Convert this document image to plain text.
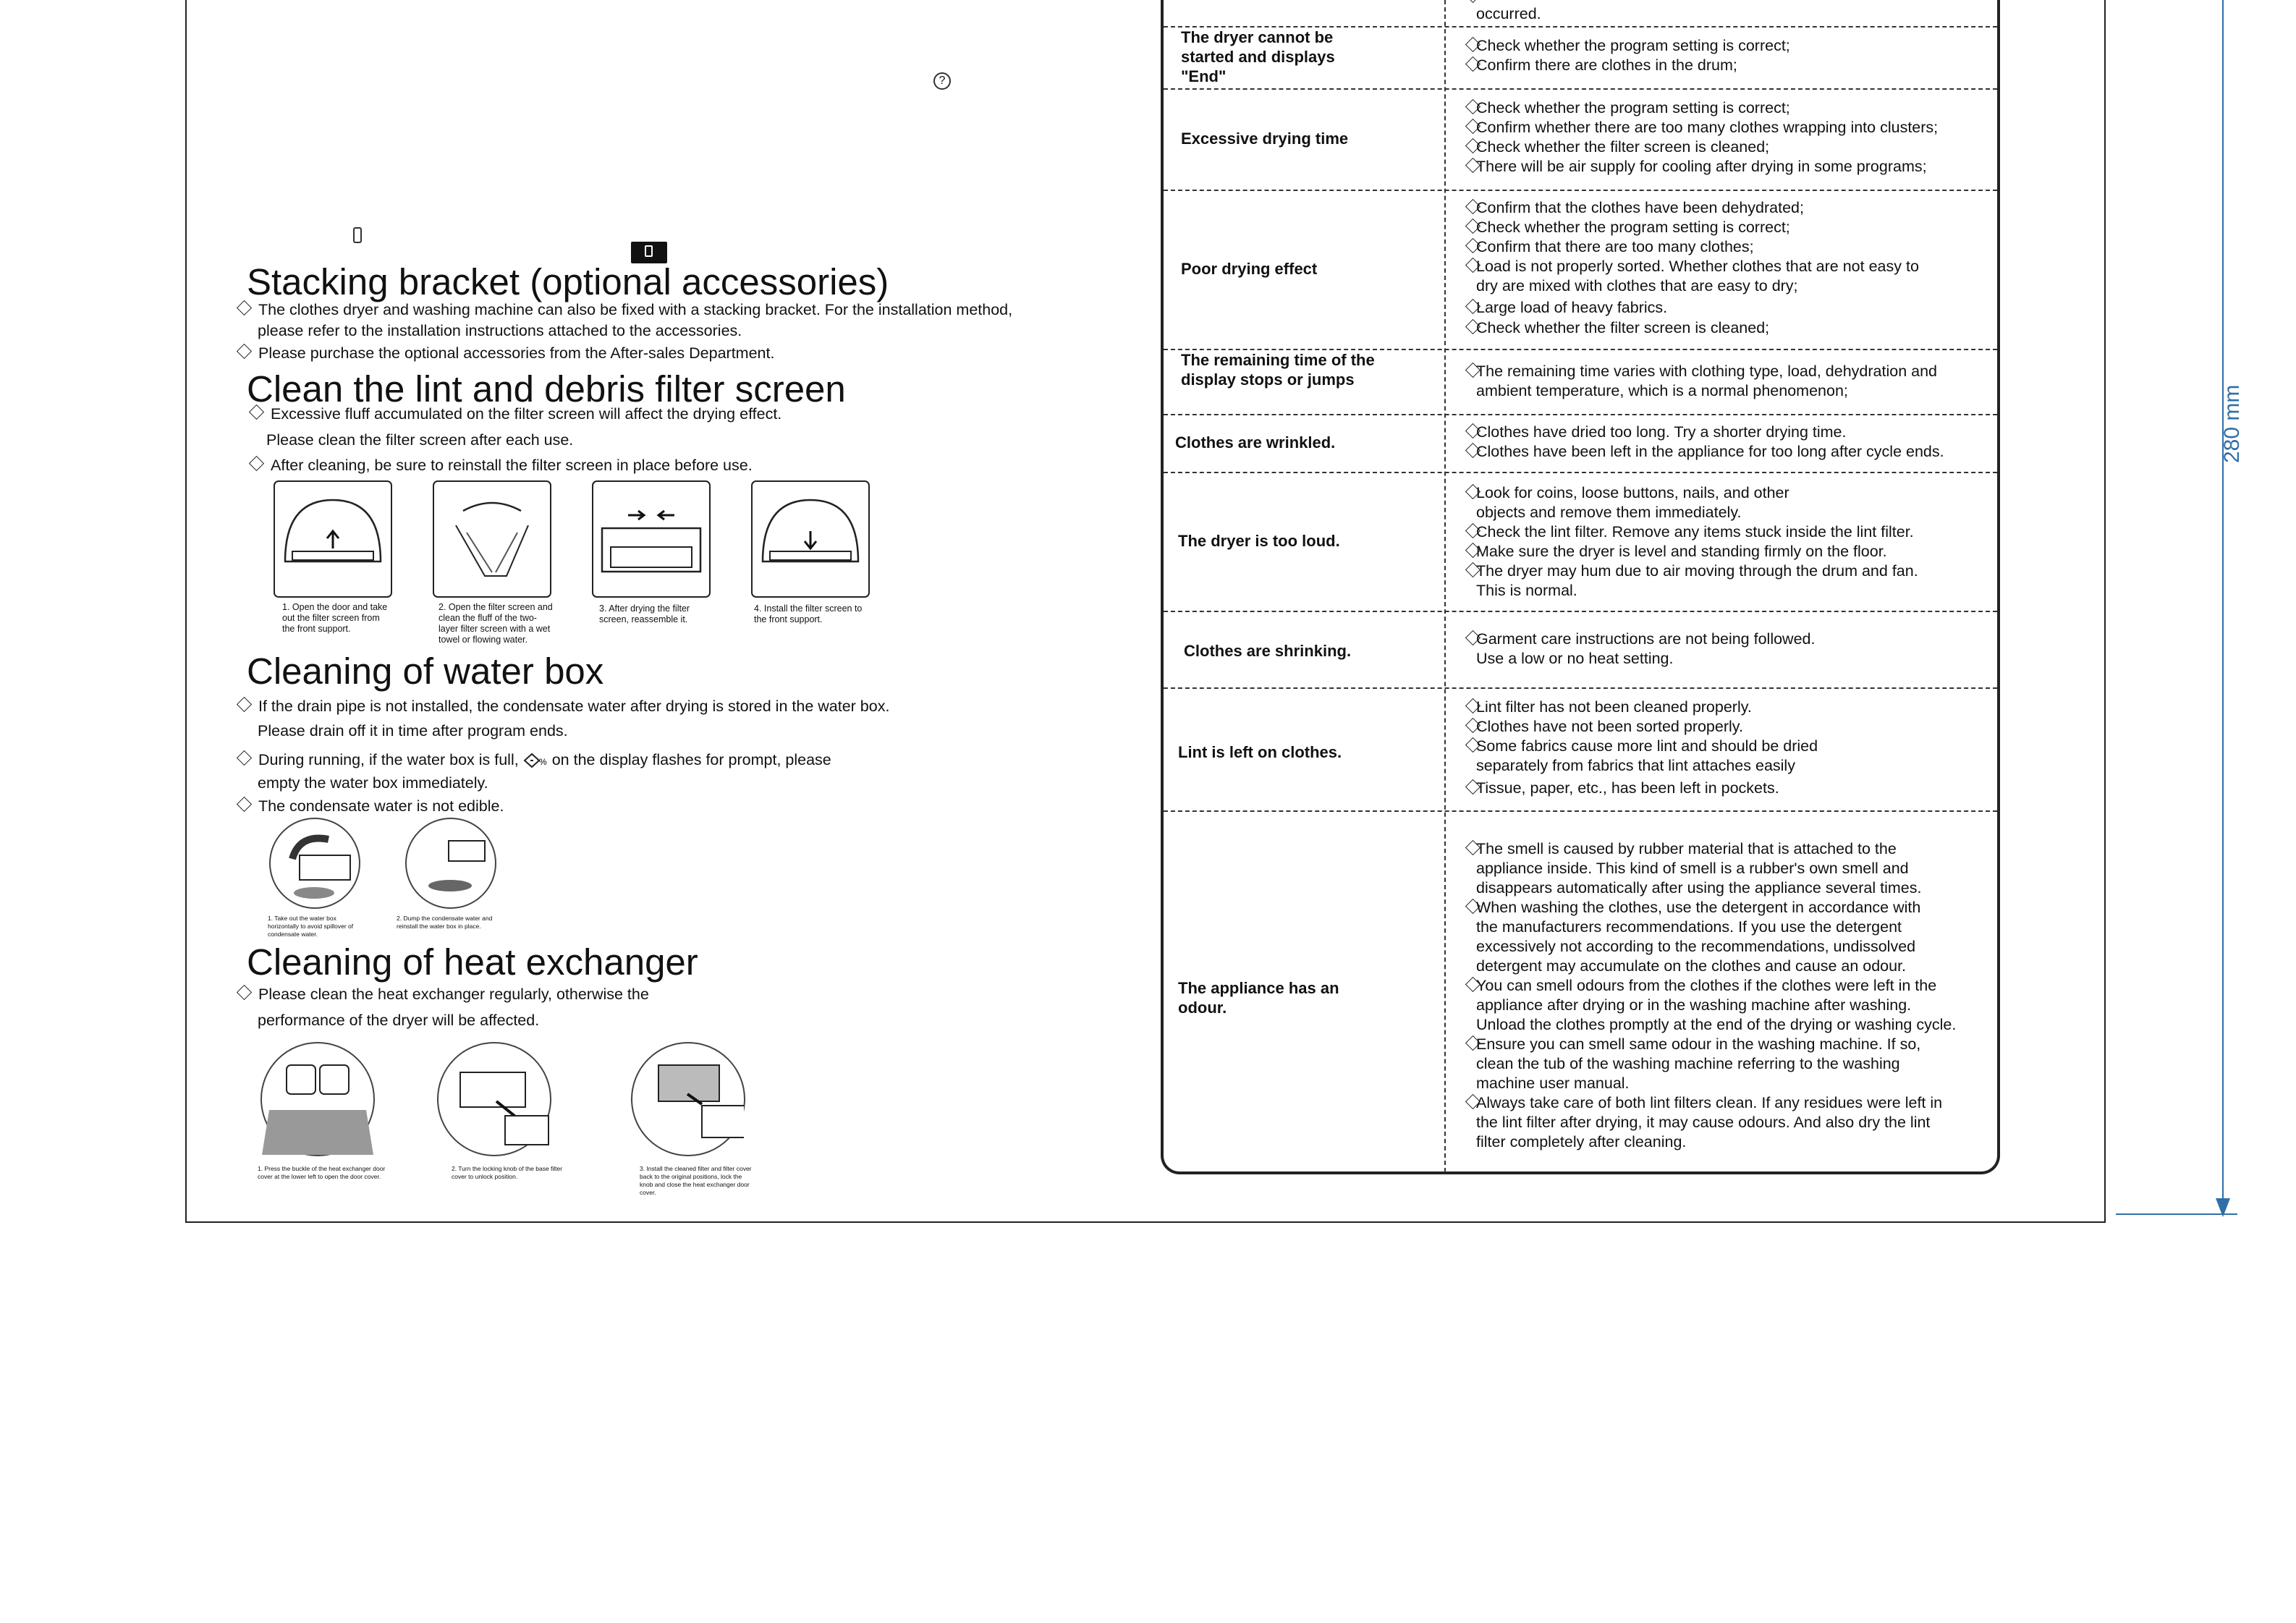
?
Stacking bracket (optional accessories)
The clothes dryer and washing machine can also be fixed with a stacking bracket. For the installation method,
please refer to the installation instructions attached to the accessories.
Please purchase the optional accessories from the After-sales Department.
Clean the lint and debris filter screen
Excessive fluff accumulated on the filter screen will affect the drying effect.
Please clean the filter screen after each use.
After cleaning, be sure to reinstall the filter screen in place before use.
1. Open the door and take out the filter screen from the front support.
2. Open the filter screen and clean the fluff of the two-layer filter screen with a wet towel or flowing water.
3. After drying the filter screen, reassemble it.
4. Install the filter screen to the front support.
Cleaning of water box
If the drain pipe is not installed, the condensate water after drying is stored in the water box.
Please drain off it in time after program ends.
During running, if the water box is full, % on the display flashes for prompt, please
empty the water box immediately.
The condensate water is not edible.
1. Take out the water box horizontally to avoid spillover of condensate water.
2. Dump the condensate water and reinstall the water box in place.
Cleaning of heat exchanger
Please clean the heat exchanger regularly, otherwise the
performance of the dryer will be affected.
1. Press the buckle of the heat exchanger door cover at the lower left to open the door cover.
2. Turn the locking knob of the base filter cover to unlock position.
3. Install the cleaned filter and filter cover back to the original positions, lock the knob and close the heat exchanger door cover.
occurred.
The dryer cannot be started and displays "End"
Check whether the program setting is correct;
Confirm there are clothes in the drum;
Excessive drying time
Check whether the program setting is correct;
Confirm whether there are too many clothes wrapping into clusters;
Check whether the filter screen is cleaned;
There will be air supply for cooling after drying in some programs;
Poor drying effect
Confirm that the clothes have been dehydrated;
Check whether the program setting is correct;
Confirm that there are too many clothes;
Load is not properly sorted. Whether clothes that are not easy to
dry are mixed with clothes that are easy to dry;
Large load of heavy fabrics.
Check whether the filter screen is cleaned;
The remaining time of the display stops or jumps	The remaining time varies with clothing type, load, dehydration and
ambient temperature, which is a normal phenomenon;
Clothes are wrinkled.
Clothes have dried too long. Try a shorter drying time.
Clothes have been left in the appliance for too long after cycle ends.
The dryer is too loud.
Look for coins, loose buttons, nails, and other
objects and remove them immediately.
Check the lint filter. Remove any items stuck inside the lint filter.
Make sure the dryer is level and standing firmly on the floor.
The dryer may hum due to air moving through the drum and fan.
This is normal.
Clothes are shrinking.
Garment care instructions are not being followed.
Use a low or no heat setting.
Lint is left on clothes.
Lint filter has not been cleaned properly.
Clothes have not been sorted properly.
Some fabrics cause more lint and should be dried
separately from fabrics that lint attaches easily
Tissue, paper, etc., has been left in pockets.
The appliance has an odour.
The smell is caused by rubber material that is attached to the
appliance inside. This kind of smell is a rubber's own smell and
disappears automatically after using the appliance several times.
When washing the clothes, use the detergent in accordance with
the manufacturers recommendations. If you use the detergent
excessively not according to the recommendations, undissolved
detergent may accumulate on the clothes and cause an odour.
You can smell odours from the clothes if the clothes were left in the
appliance after drying or in the washing machine after washing.
Unload the clothes promptly at the end of the drying or washing cycle.
Ensure you can smell same odour in the washing machine. If so,
clean the tub of the washing machine referring to the washing
machine user manual.
Always take care of both lint filters clean. If any residues were left in
the lint filter after drying, it may cause odours. And also dry the lint
filter completely after cleaning.
280 mm
